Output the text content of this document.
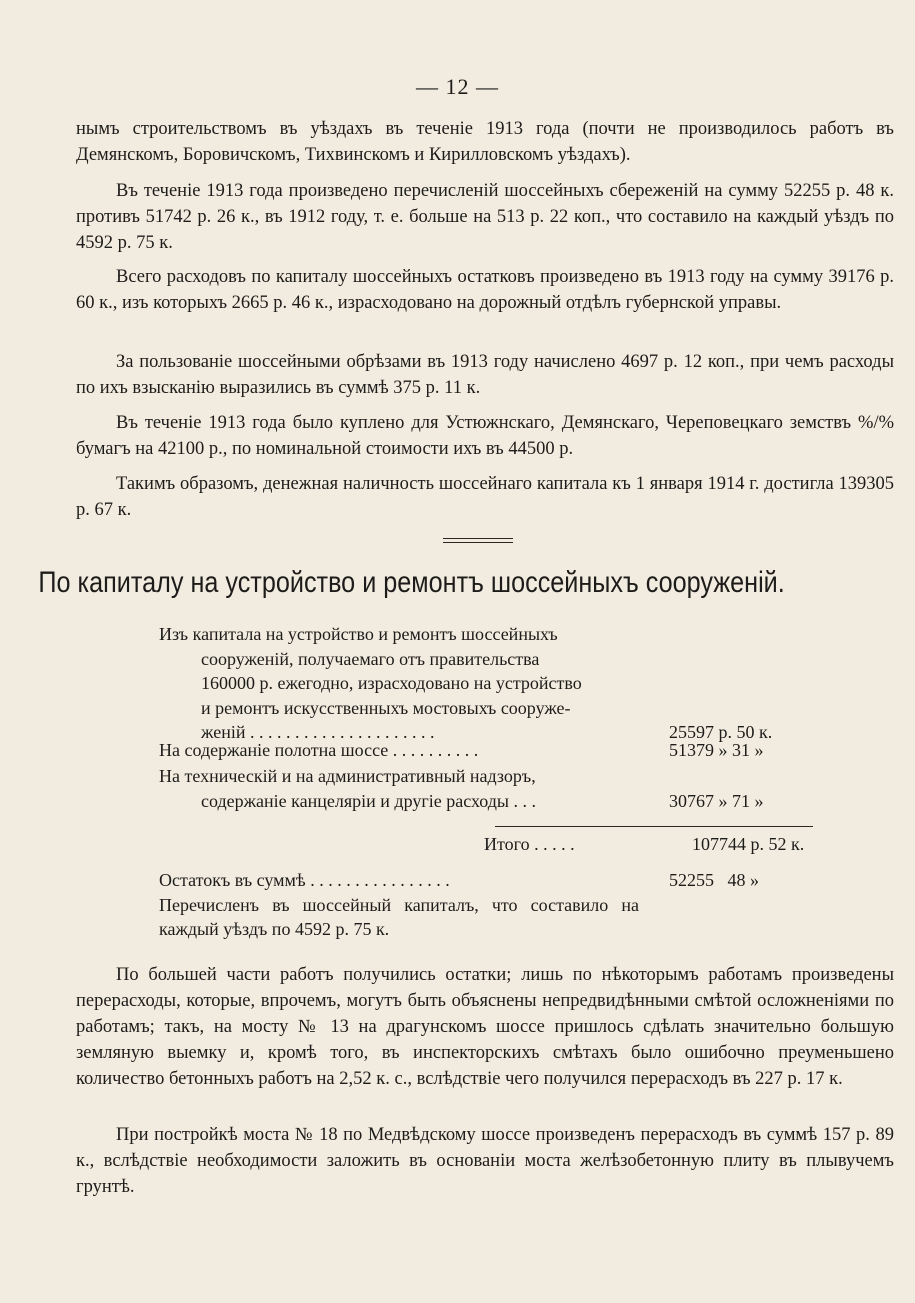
— 12 —

нымъ строительствомъ въ уѣздахъ въ теченіе 1913 года (почти не производилось работъ въ Демянскомъ, Боровичскомъ, Тихвинскомъ и Кирилловскомъ уѣздахъ).

Въ теченіе 1913 года произведено перечисленій шоссейныхъ сбереженій на сумму 52255 р. 48 к. противъ 51742 р. 26 к., въ 1912 году, т. е. больше на 513 р. 22 коп., что составило на каждый уѣздъ по 4592 р. 75 к.

Всего расходовъ по капиталу шоссейныхъ остатковъ произведено въ 1913 году на сумму 39176 р. 60 к., изъ которыхъ 2665 р. 46 к., израсходовано на дорожный отдѣлъ губернской управы.

За пользованіе шоссейными обрѣзами въ 1913 году начислено 4697 р. 12 коп., при чемъ расходы по ихъ взысканію выразились въ суммѣ 375 р. 11 к.

Въ теченіе 1913 года было куплено для Устюжнскаго, Демянскаго, Череповецкаго земствъ %/% бумагъ на 42100 р., по номинальной стоимости ихъ въ 44500 р.

Такимъ образомъ, денежная наличность шоссейнаго капитала къ 1 января 1914 г. достигла 139305 р. 67 к.

По капиталу на устройство и ремонтъ шоссейныхъ сооруженій.
Изъ капитала на устройство и ремонтъ шоссейныхъ
сооруженій, получаемаго отъ правительства
160000 р. ежегодно, израсходовано на устройство
и ремонтъ искусственныхъ мостовыхъ сооруже-
женій . . . . . . . . . . . . . . . . . . . . .	25597 р. 50 к.
На содержаніе полотна шоссе . . . . . . . . . .	51379 » 31 »
На техническій и на административный надзоръ,
содержаніе канцеляріи и другіе расходы . . .	30767 » 71 »
Итого . . . . .	107744 р. 52 к.
Остатокъ въ суммѣ . . . . . . . . . . . . . . . .	52255   48 »
Перечисленъ въ шоссейный капиталъ, что составило на каждый уѣздъ по 4592 р. 75 к.

По большей части работъ получились остатки; лишь по нѣкоторымъ работамъ произведены перерасходы, которые, впрочемъ, могутъ быть объяснены непредвидѣнными смѣтой осложненіями по работамъ; такъ, на мосту № 13 на драгунскомъ шоссе пришлось сдѣлать значительно большую земляную выемку и, кромѣ того, въ инспекторскихъ смѣтахъ было ошибочно преуменьшено количество бетонныхъ работъ на 2,52 к. с., вслѣдствіе чего получился перерасходъ въ 227 р. 17 к.

При постройкѣ моста № 18 по Медвѣдскому шоссе произведенъ перерасходъ въ суммѣ 157 р. 89 к., вслѣдствіе необходимости заложить въ основаніи моста желѣзобетонную плиту въ плывучемъ грунтѣ.
